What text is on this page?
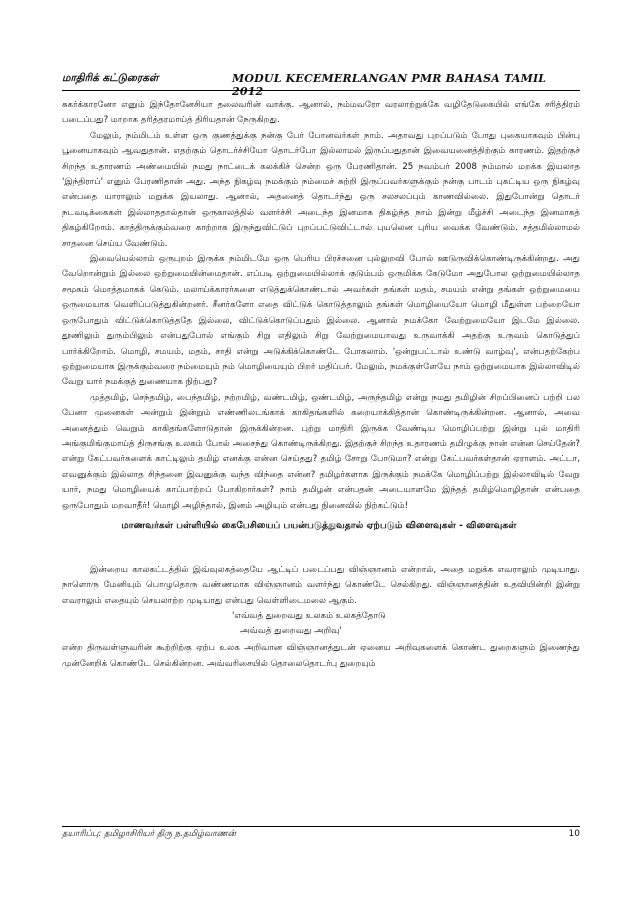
மாதிரிக் கட்டுரைகள்	MODUL KECEMERLANGAN PMR BAHASA TAMIL 2012

சுகர்க்காரனோ எனும் இந்தோனேசியா தலைவரின் வாக்கு. ஆனால், நம்மவரோ வரலாற்றுக்கே வழிதேடுகையில் எங்கே சரித்திரம் படைப்பது? மாறாக தரித்தரமாய்த் திரியதான் நேருகிறது.

மேலும், நம்மிடம் உள்ள ஒரு குணத்துக்கு நன்கு பேர் போனவர்கள் நாம். அதாவது புறப்படும் போது புகையாகவும் பின்பு பூனையாகவும் ஆவதுதான். எதற்கும் தொடர்ச்சியோ தொடர்போ இல்லாமல் இருப்பதுதான் இவையனைத்திற்கும் காரணம். இதற்குச் சிறந்த உதாரணம் அண்மையில் நமது நாட்டைக் கலக்கிச் சென்ற ஒரு பேரணிதான். 25 நவம்பர் 2008 நம்மால் மறக்க இயலாத 'இந்திராப்' எனும் பேரணிதான் அது. அந்த நிகழ்வு நமக்கும் நம்மைச் சுற்றி இருப்பவர்களுக்கும் நன்கு பாடம் புகட்டிய ஒரு நிகழ்வு என்பதை யாராலும் மறுக்க இயலாது. ஆனால், அதனைத் தொடர்ந்து ஒரு சலசலப்பும் காணவில்லை. இதுபோன்று தொடர் நடவடிக்கைகள் இல்லாததால்தான் ஒருகாலத்தில் வளர்ச்சி அடைந்த இனமாக திகழ்ந்த நாம் இன்று மீழ்ச்சி அடைந்த இனமாகத் திகழ்கிறோம். காத்திருக்கும்வரை காற்றாக இருந்துவிட்டுப் புறப்பட்டுவிட்டால் புயலென புரிய வைக்க வேண்டும். சத்தமில்லாமல் சாதனை செய்ய வேண்டும்.

இவையெல்லாம் ஒருபுறம் இருக்க நம்மிடமே ஒரு பெரிய பிரச்சனை புல்லுறவி போல் ஊடுருவிக்கொண்டிருக்கின்றது. அது வேறொன்றும் இல்லை ஒற்றுமையின்மைதான். எப்படி ஒற்றுமையில்லாக் குடும்பம் ஒருமிக்க கேடுமோ அதுபோல ஒற்றுமையில்லாத சமூகம் மொத்தமாகக் கெடும். மலாய்க்காரர்களை எடுத்துக்கொண்டால் அவர்கள் தங்கள் மதம், சமயம் என்று தங்கள் ஒற்றுமையை ஒருமையாக வெளிப்படுத்துகின்றனர். சீனர்களோ எதை விட்டுக் கொடுத்தாலும் தங்கள் மொழியையோ மொழி மீதுள்ள பற்றையோ ஒருபோதும் விட்டுக்கொடுத்ததே இல்லை, விட்டுக்கொடுப்பதும் இல்லை. ஆனால் நமக்கோ வேற்றுமையோ இடமே இல்லை. தூணிலும் துரும்பிலும் என்பதுபோல் எங்கும் சிறு எதிலும் சிறு வேற்றுமையாவது உருவாக்கி அதற்கு உருவம் கொடுத்துப் பார்க்கிறோம். மொழி, சமயம், மதம், சாதி என்று அடுக்கிக்கொண்டே போகலாம். 'ஒன்றுபட்டால் உண்டு வாழ்வு', என்பதற்கேற்ப ஒற்றுமையாக இருக்கும்வரை நம்மையும் நம் மொழியையும் பிறர் மதிப்பர். மேலும், நமக்குள்ளேயே நாம் ஒற்றுமையாக இல்லாவிடில் வேறு யார் நமக்குத் துணையாக நிற்பது?

முத்தமிழ், செந்தமிழ், பைந்தமிழ், நற்றமிழ், வண்டமிழ், ஒண்டமிழ், அருந்தமிழ் என்று நமது தமிழின் சிறப்பினைப் பற்றி பல பேனா முனைகள் அன்றும் இன்றும் எண்ணிலடங்காக் காகிதங்களில் கறையாக்கித்தான் கொண்டிருக்கின்றன. ஆனால், அவை அனைத்தும் வெறும் காகிதங்களோடுதான் இருக்கின்றன. புற்று மாதிரி இருக்க வேண்டிய மொழிப்பற்று இன்று புல் மாதிரி அங்குமிங்குமாய்த் திருசங்கு உலகம் போல் அசைந்து கொண்டிருக்கிறது. இதற்குச் சிறந்த உதாரணம் தமிழுக்கு நான் என்ன செய்தேன்? என்று கேட்பவர்களைக் காட்டிலும் தமிழ் எனக்கு என்ன செய்தது? தமிழ் சோறு போடுமா? என்று கேட்பவர்கள்தான் ஏராளம். அட்டா, எவனுக்கும் இல்லாத சிந்தனை இவனுக்கு வந்த விந்தை என்ன? தமிழர்களாக இருக்கும் நமக்கே மொழிப்பற்று இல்லாவிடில் வேறு யார், நமது மொழியைக் காப்பாற்றப் போகிறார்கள்? நாம் தமிழன் என்பதன் அடையாளமே இந்தத் தமிழ்மொழிதான் என்பதை ஒருபோதும் மறவாதீர்! மொழி அழிந்தால், இனம் அழியும் என்பது நினைவில் நிற்கட்டும்!

மாணவர்கள் பள்ளியில் கைபேசியைப் பயன்படுத்துவதால் ஏற்படும் விளைவுகள் - விளைவுகள்

இன்றைய காலகட்டத்தில் இவ்வுலகத்தையே ஆட்டிப் படைப்பது விஞ்ஞானம் என்றால், அதை மறுக்க எவராலும் முடியாது. நாளொரு மேனியும் பொழுதொரு வண்ணமாக விஞ்ஞானம் வளர்ந்து கொண்டே செல்கிறது. விஞ்ஞானத்தின் உதவியின்றி இன்று எவராலும் எதையும் செயலாற்ற முடியாது என்பது வெள்ளிடைமலை ஆகும்.

'எவ்வத் துறைவது உலகம் உலகத்தோடு
அவ்வத் துறைவது அறிவு'

என்ற திருவள்ளுவரின் கூற்றிற்கு ஏற்ப உலக அறிவான விஞ்ஞானத்துடன் ஏனைய அறிவுகளைக் கொண்ட துறைகளும் இணைந்து முன்னேறிக் கொண்டே செல்கின்றன. அவ்வரிசையில் தொலைதொடர்பு துறையும்

தயாரிப்பு: தமிழாசிரியர் திரு ந.தமிழ்வாணன்	10
